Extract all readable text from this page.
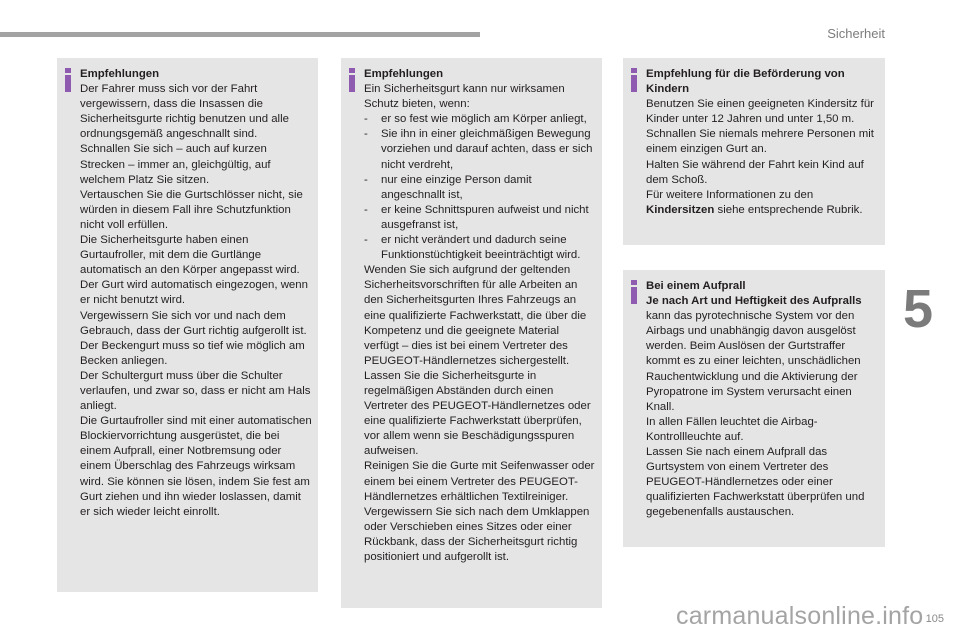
Sicherheit
5

Empfehlungen

Der Fahrer muss sich vor der Fahrt vergewissern, dass die Insassen die Sicherheitsgurte richtig benutzen und alle ordnungsgemäß angeschnallt sind.

Schnallen Sie sich – auch auf kurzen Strecken – immer an, gleichgültig, auf welchem Platz Sie sitzen.

Vertauschen Sie die Gurtschlösser nicht, sie würden in diesem Fall ihre Schutzfunktion nicht voll erfüllen.

Die Sicherheitsgurte haben einen Gurtaufroller, mit dem die Gurtlänge automatisch an den Körper angepasst wird. Der Gurt wird automatisch eingezogen, wenn er nicht benutzt wird.

Vergewissern Sie sich vor und nach dem Gebrauch, dass der Gurt richtig aufgerollt ist.

Der Beckengurt muss so tief wie möglich am Becken anliegen.

Der Schultergurt muss über die Schulter verlaufen, und zwar so, dass er nicht am Hals anliegt.

Die Gurtaufroller sind mit einer automatischen Blockiervorrichtung ausgerüstet, die bei einem Aufprall, einer Notbremsung oder einem Überschlag des Fahrzeugs wirksam wird. Sie können sie lösen, indem Sie fest am Gurt ziehen und ihn wieder loslassen, damit er sich wieder leicht einrollt.

Empfehlungen

Ein Sicherheitsgurt kann nur wirksamen Schutz bieten, wenn:

- er so fest wie möglich am Körper anliegt,
- Sie ihn in einer gleichmäßigen Bewegung vorziehen und darauf achten, dass er sich nicht verdreht,
- nur eine einzige Person damit angeschnallt ist,
- er keine Schnittspuren aufweist und nicht ausgefranst ist,
- er nicht verändert und dadurch seine Funktionstüchtigkeit beeinträchtigt wird.

Wenden Sie sich aufgrund der geltenden Sicherheitsvorschriften für alle Arbeiten an den Sicherheitsgurten Ihres Fahrzeugs an eine qualifizierte Fachwerkstatt, die über die Kompetenz und die geeignete Material verfügt – dies ist bei einem Vertreter des PEUGEOT-Händlernetzes sichergestellt.

Lassen Sie die Sicherheitsgurte in regelmäßigen Abständen durch einen Vertreter des PEUGEOT-Händlernetzes oder eine qualifizierte Fachwerkstatt überprüfen, vor allem wenn sie Beschädigungsspuren aufweisen.

Reinigen Sie die Gurte mit Seifenwasser oder einem bei einem Vertreter des PEUGEOT-Händlernetzes erhältlichen Textilreiniger.

Vergewissern Sie sich nach dem Umklappen oder Verschieben eines Sitzes oder einer Rückbank, dass der Sicherheitsgurt richtig positioniert und aufgerollt ist.

Empfehlung für die Beförderung von Kindern

Benutzen Sie einen geeigneten Kindersitz für Kinder unter 12 Jahren und unter 1,50 m.

Schnallen Sie niemals mehrere Personen mit einem einzigen Gurt an.

Halten Sie während der Fahrt kein Kind auf dem Schoß.

Für weitere Informationen zu den Kindersitzen siehe entsprechende Rubrik.

Bei einem Aufprall

Je nach Art und Heftigkeit des Aufpralls kann das pyrotechnische System vor den Airbags und unabhängig davon ausgelöst werden. Beim Auslösen der Gurtstraffer kommt es zu einer leichten, unschädlichen Rauchentwicklung und die Aktivierung der Pyropatrone im System verursacht einen Knall.

In allen Fällen leuchtet die Airbag-Kontrollleuchte auf.

Lassen Sie nach einem Aufprall das Gurtsystem von einem Vertreter des PEUGEOT-Händlernetzes oder einer qualifizierten Fachwerkstatt überprüfen und gegebenenfalls austauschen.

carmanualsonline.info 105
